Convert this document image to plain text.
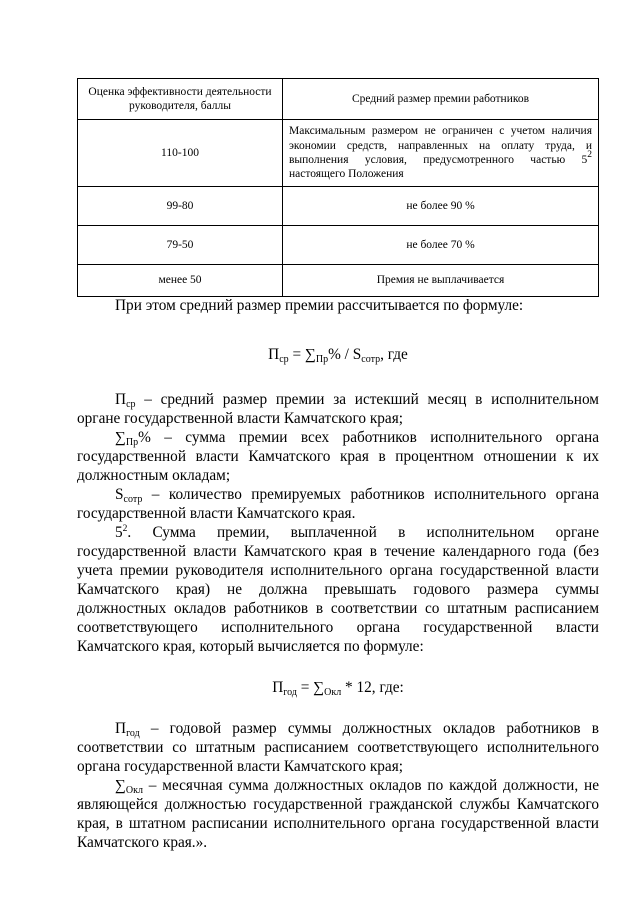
Оценка эффективности деятельности руководителя, баллы	Средний размер премии работников
110-100	Максимальным размером не ограничен с учетом наличия экономии средств, направленных на оплату труда, и выполнения условия, предусмотренного частью $5^2$ настоящего Положения
99-80	не более 90 %
79-50	не более 70 %
менее 50	Премия не выплачивается

При этом средний размер премии рассчитывается по формуле:

$П_{ср} = \sum_{Пр}\% / S_{сотр}$, где

$П_{ср}$ – средний размер премии за истекший месяц в исполнительном органе государственной власти Камчатского края;

$\sum_{Пр}\%$ – сумма премии всех работников исполнительного органа государственной власти Камчатского края в процентном отношении к их должностным окладам;

$S_{сотр}$ – количество премируемых работников исполнительного органа государственной власти Камчатского края.

$5^2$. Сумма премии, выплаченной в исполнительном органе государственной власти Камчатского края в течение календарного года (без учета премии руководителя исполнительного органа государственной власти Камчатского края) не должна превышать годового размера суммы должностных окладов работников в соответствии со штатным расписанием соответствующего исполнительного органа государственной власти Камчатского края, который вычисляется по формуле:

$П_{год} = \sum_{Окл} * 12$, где:

$П_{год}$ – годовой размер суммы должностных окладов работников в соответствии со штатным расписанием соответствующего исполнительного органа государственной власти Камчатского края;

$\sum_{Окл}$ – месячная сумма должностных окладов по каждой должности, не являющейся должностью государственной гражданской службы Камчатского края, в штатном расписании исполнительного органа государственной власти Камчатского края.».
